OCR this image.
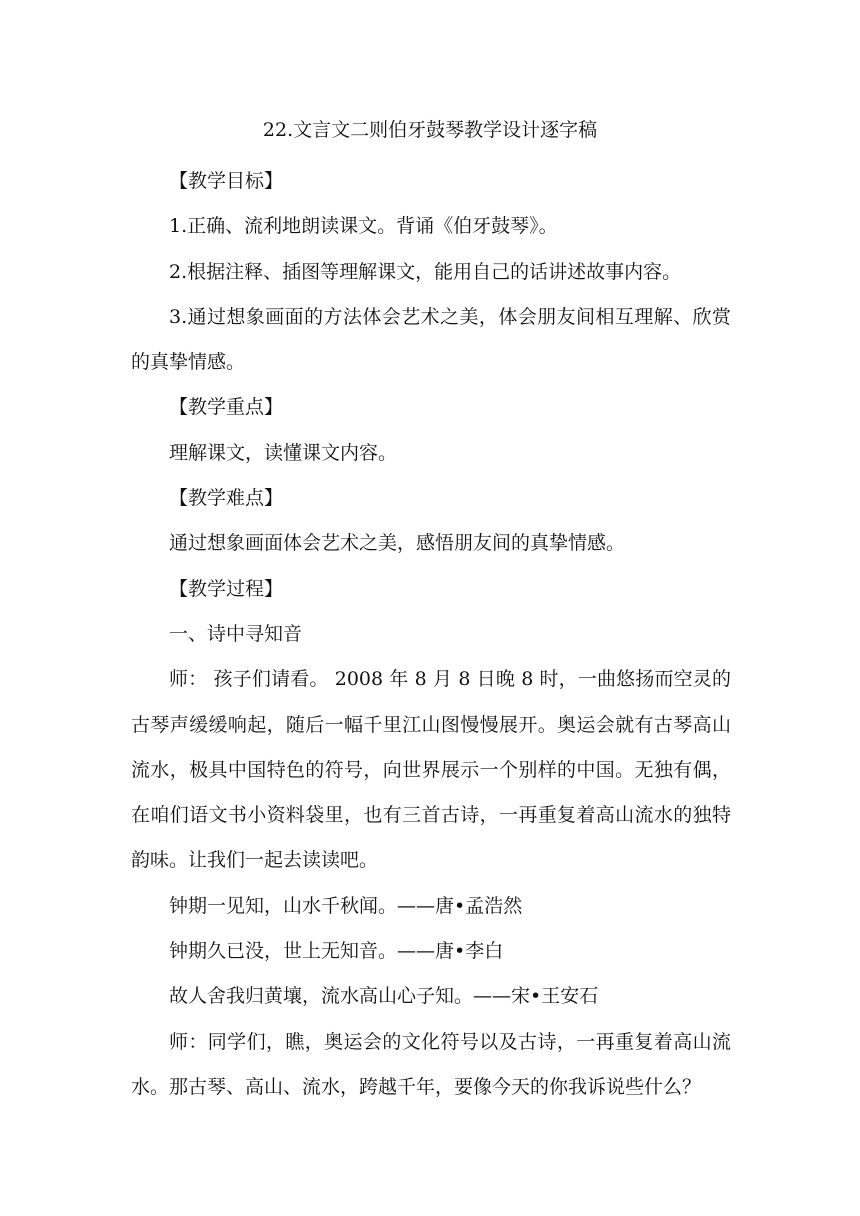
22.文言文二则伯牙鼓琴教学设计逐字稿

【教学目标】

1.正确、流利地朗读课文。背诵《伯牙鼓琴》。

2.根据注释、插图等理解课文，能用自己的话讲述故事内容。

3.通过想象画面的方法体会艺术之美，体会朋友间相互理解、欣赏的真挚情感。

【教学重点】

理解课文，读懂课文内容。

【教学难点】

通过想象画面体会艺术之美，感悟朋友间的真挚情感。

【教学过程】

一、诗中寻知音

师： 孩子们请看。 2008 年 8 月 8 日晚 8 时，一曲悠扬而空灵的古琴声缓缓响起，随后一幅千里江山图慢慢展开。奥运会就有古琴高山流水，极具中国特色的符号，向世界展示一个别样的中国。无独有偶，在咱们语文书小资料袋里，也有三首古诗，一再重复着高山流水的独特韵味。让我们一起去读读吧。

钟期一见知，山水千秋闻。——唐•孟浩然

钟期久已没，世上无知音。——唐•李白

故人舍我归黄壤，流水高山心子知。——宋•王安石

师：同学们，瞧，奥运会的文化符号以及古诗，一再重复着高山流水。那古琴、高山、流水，跨越千年，要像今天的你我诉说些什么？
